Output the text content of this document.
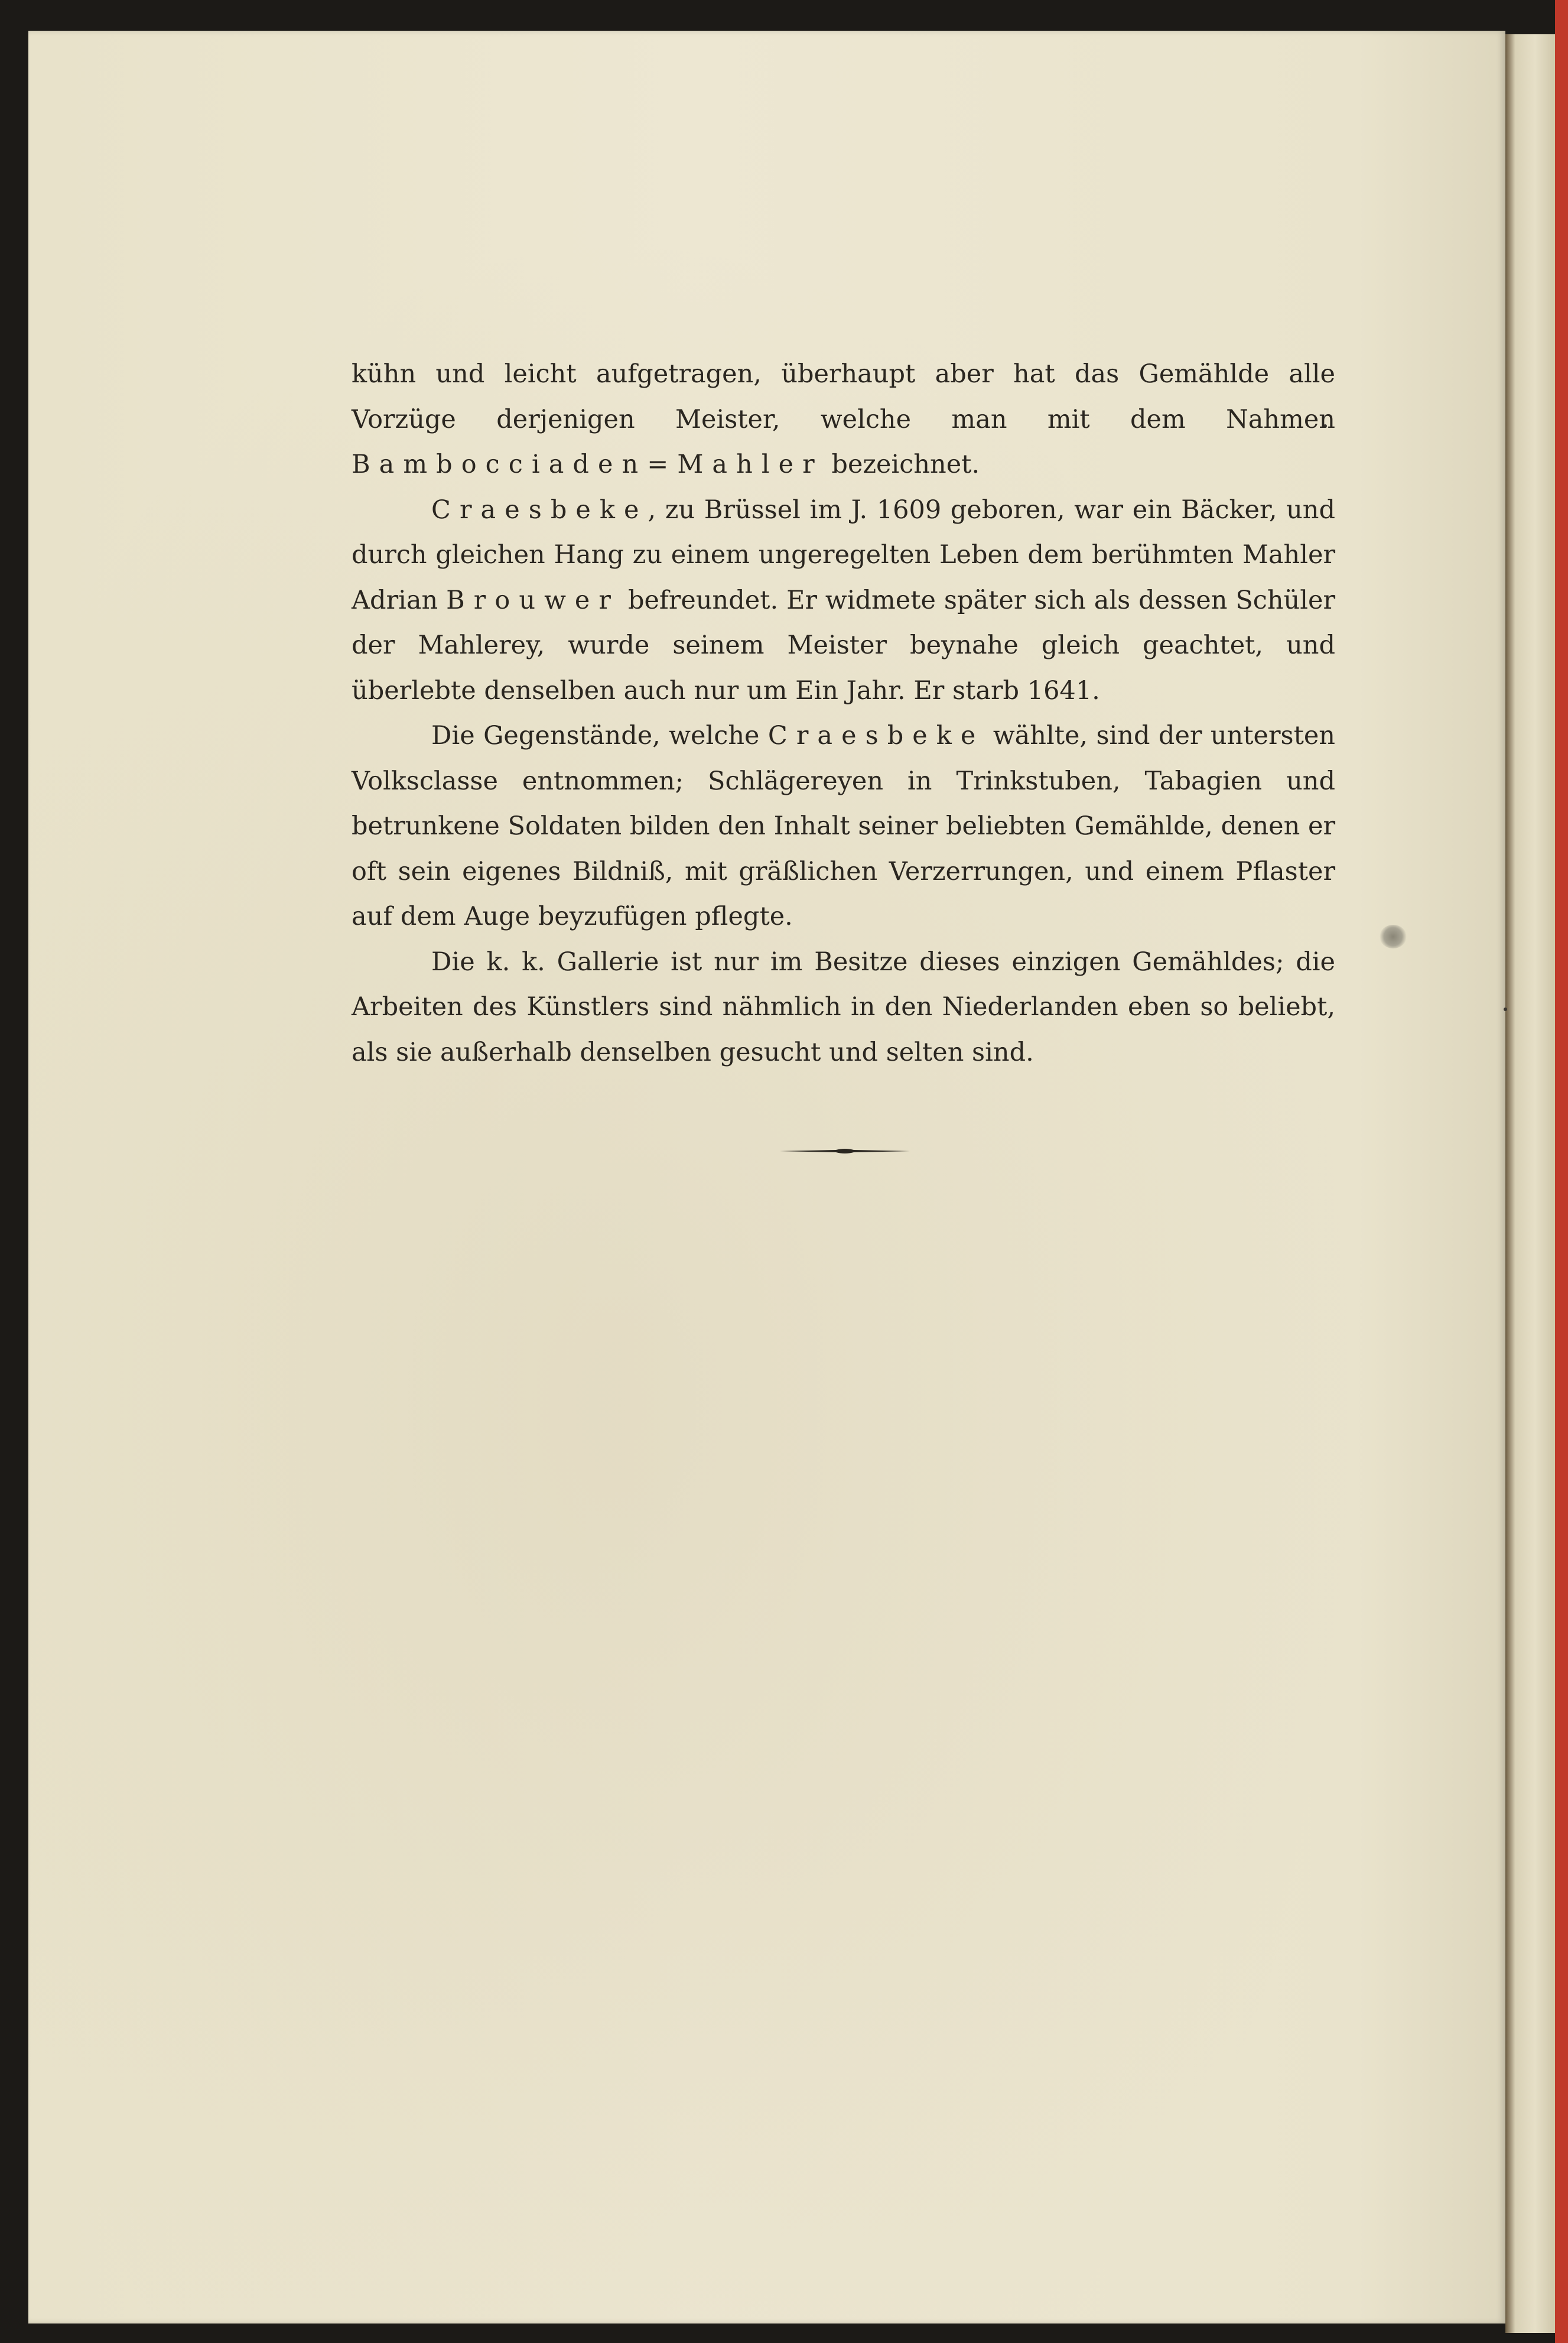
kühn und leicht aufgetragen, überhaupt aber hat das Gemählde alle Vorzüge derjenigen Meister, welche man mit dem Nahmen Bambocciaden=Mahler bezeichnet.

Craesbeke, zu Brüssel im J. 1609 geboren, war ein Bäcker, und durch gleichen Hang zu einem ungeregelten Leben dem berühmten Mahler Adrian Brouwer befreundet. Er widmete später sich als dessen Schüler der Mahlerey, wurde seinem Meister beynahe gleich geachtet, und überlebte denselben auch nur um Ein Jahr. Er starb 1641.

Die Gegenstände, welche Craesbeke wählte, sind der untersten Volksclasse entnommen; Schlägereyen in Trinkstuben, Tabagien und betrunkene Soldaten bilden den Inhalt seiner beliebten Gemählde, denen er oft sein eigenes Bildniß, mit gräßlichen Verzerrungen, und einem Pflaster auf dem Auge beyzufügen pflegte.

Die k. k. Gallerie ist nur im Besitze dieses einzigen Gemähldes; die Arbeiten des Künstlers sind nähmlich in den Niederlanden eben so beliebt, als sie außerhalb denselben gesucht und selten sind.
